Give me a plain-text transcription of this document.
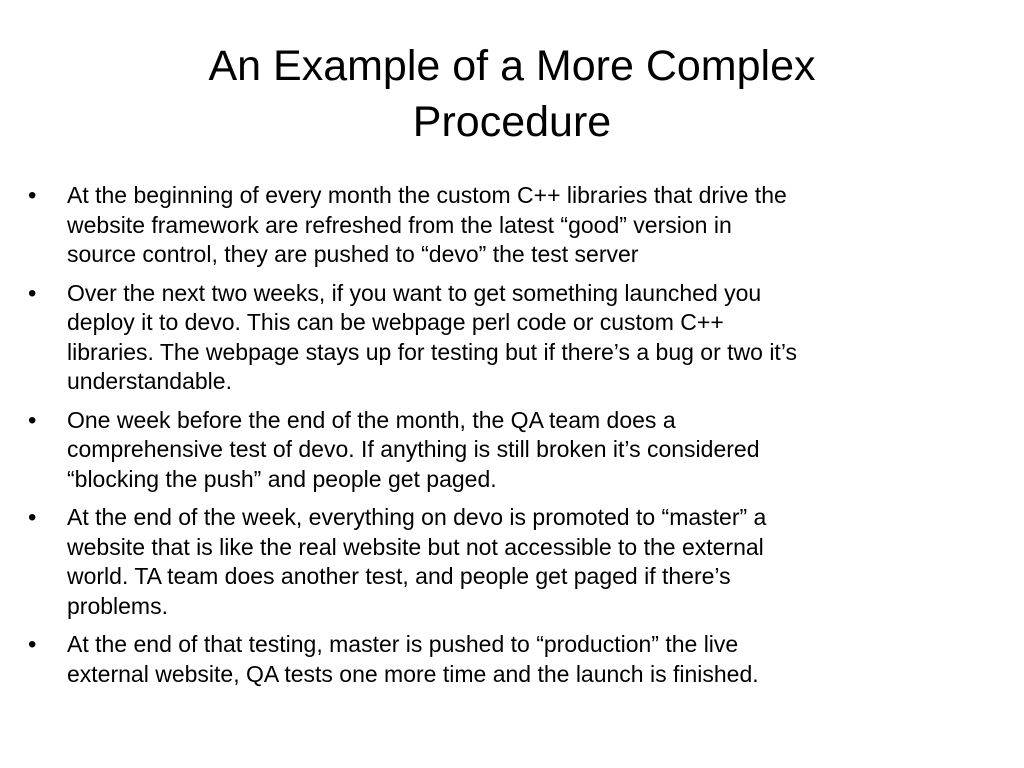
An Example of a More Complex
Procedure
• At the beginning of every month the custom C++ libraries that drive the
website framework are refreshed from the latest “good” version in
source control, they are pushed to “devo” the test server

• Over the next two weeks, if you want to get something launched you
deploy it to devo. This can be webpage perl code or custom C++
libraries. The webpage stays up for testing but if there’s a bug or two it’s
understandable.

• One week before the end of the month, the QA team does a
comprehensive test of devo. If anything is still broken it’s considered
“blocking the push” and people get paged.

• At the end of the week, everything on devo is promoted to “master” a
website that is like the real website but not accessible to the external
world. TA team does another test, and people get paged if there’s
problems.

• At the end of that testing, master is pushed to “production” the live
external website, QA tests one more time and the launch is finished.
